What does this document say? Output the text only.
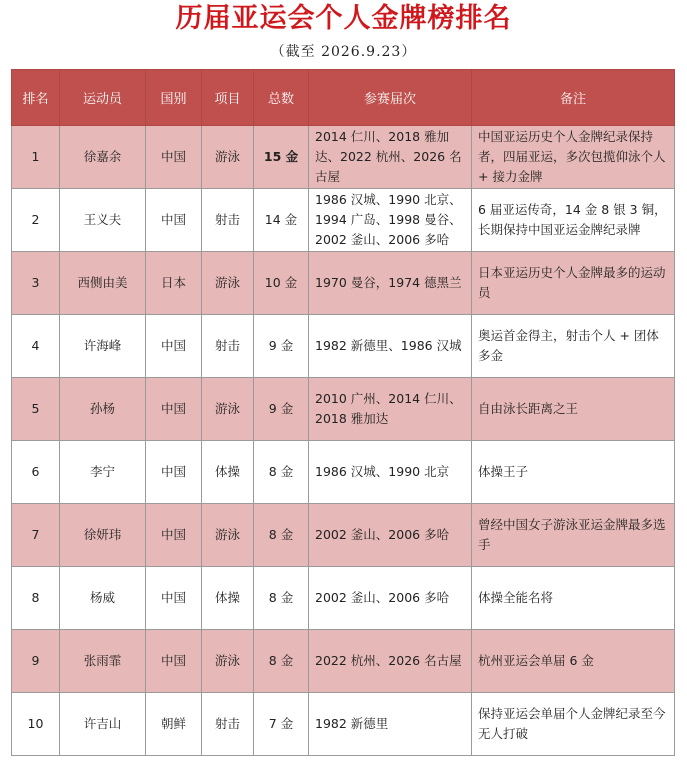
历届亚运会个人金牌榜排名
（截至 2026.9.23）
排名	运动员	国别	项目	总数	参赛届次	备注
1	徐嘉余	中国	游泳	15 金	2014 仁川、2018 雅加达、2022 杭州、2026 名古屋	中国亚运历史个人金牌纪录保持者，四届亚运，多次包揽仰泳个人 + 接力金牌
2	王义夫	中国	射击	14 金	1986 汉城、1990 北京、1994 广岛、1998 曼谷、2002 釜山、2006 多哈	6 届亚运传奇，14 金 8 银 3 铜，长期保持中国亚运金牌纪录牌
3	西侧由美	日本	游泳	10 金	1970 曼谷，1974 德黑兰	日本亚运历史个人金牌最多的运动员
4	许海峰	中国	射击	9 金	1982 新德里、1986 汉城	奥运首金得主，射击个人 + 团体多金
5	孙杨	中国	游泳	9 金	2010 广州、2014 仁川、2018 雅加达	自由泳长距离之王
6	李宁	中国	体操	8 金	1986 汉城、1990 北京	体操王子
7	徐妍玮	中国	游泳	8 金	2002 釜山、2006 多哈	曾经中国女子游泳亚运金牌最多选手
8	杨威	中国	体操	8 金	2002 釜山、2006 多哈	体操全能名将
9	张雨霏	中国	游泳	8 金	2022 杭州、2026 名古屋	杭州亚运会单届 6 金
10	许吉山	朝鲜	射击	7 金	1982 新德里	保持亚运会单届个人金牌纪录至今无人打破
